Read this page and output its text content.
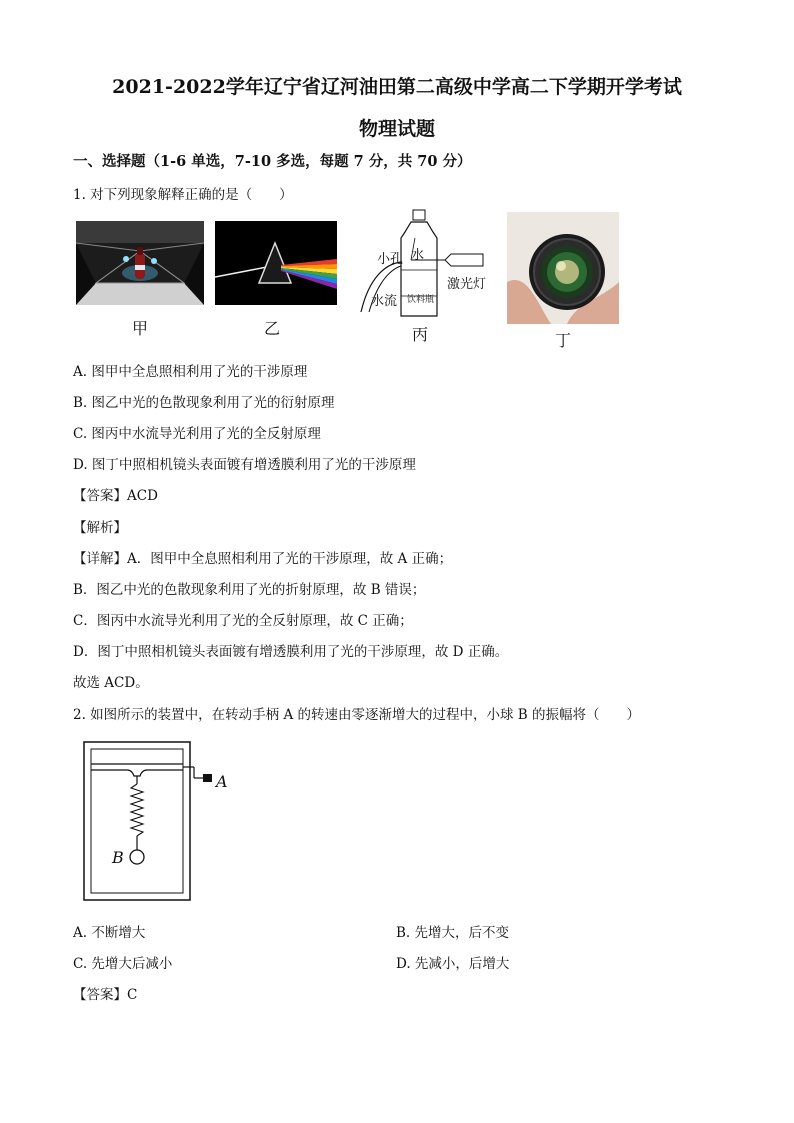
2021-2022学年辽宁省辽河油田第二高级中学高二下学期开学考试
物理试题
一、选择题（1-6 单选，7-10 多选，每题 7 分，共 70 分）
1. 对下列现象解释正确的是（　　）
甲	乙
水
小孔
激光灯
水流 饮料瓶
丙	丁
A. 图甲中全息照相利用了光的干涉原理
B. 图乙中光的色散现象利用了光的衍射原理
C. 图丙中水流导光利用了光的全反射原理
D. 图丁中照相机镜头表面镀有增透膜利用了光的干涉原理
【答案】ACD
【解析】
【详解】A．图甲中全息照相利用了光的干涉原理，故 A 正确；
B．图乙中光的色散现象利用了光的折射原理，故 B 错误；
C．图丙中水流导光利用了光的全反射原理，故 C 正确；
D．图丁中照相机镜头表面镀有增透膜利用了光的干涉原理，故 D 正确。
故选 ACD。
2. 如图所示的装置中，在转动手柄 A 的转速由零逐渐增大的过程中，小球 B 的振幅将（　　）
A
B
A. 不断增大	B. 先增大，后不变
C. 先增大后减小	D. 先减小，后增大
【答案】C
